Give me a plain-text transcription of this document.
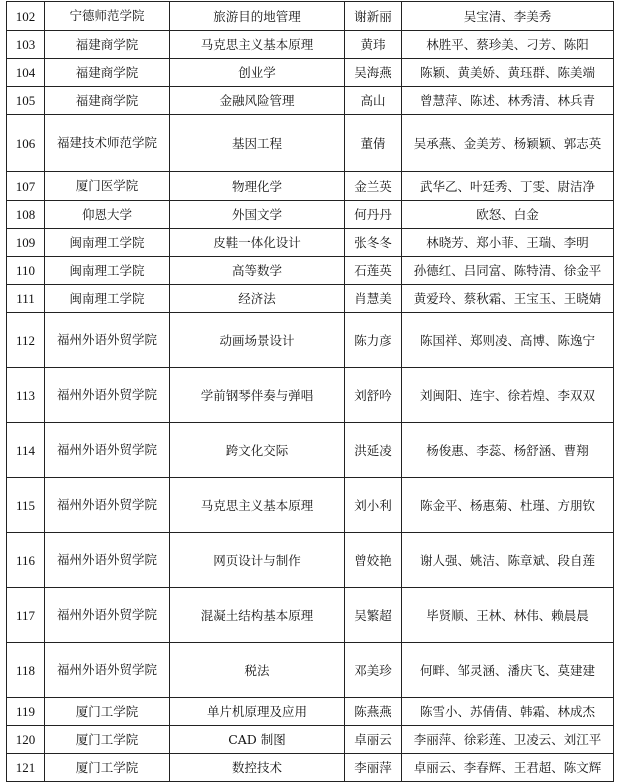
102	宁德师范学院	旅游目的地管理	谢新丽	吴宝清、李美秀
103	福建商学院	马克思主义基本原理	黄玮	林胜平、蔡珍美、刁芳、陈阳
104	福建商学院	创业学	吴海燕	陈颖、黄美娇、黄珏群、陈美端
105	福建商学院	金融风险管理	高山	曾慧萍、陈述、林秀清、林兵青
106	福建技术师范学院	基因工程	董倩	吴承燕、金美芳、杨颖颖、郭志英
107	厦门医学院	物理化学	金兰英	武华乙、叶廷秀、丁雯、尉洁净
108	仰恩大学	外国文学	何丹丹	欧怒、白金
109	闽南理工学院	皮鞋一体化设计	张冬冬	林晓芳、郑小菲、王瑞、李明
110	闽南理工学院	高等数学	石莲英	孙德红、吕同富、陈特清、徐金平
111	闽南理工学院	经济法	肖慧美	黄爱玲、蔡秋霜、王宝玉、王晓婧
112	福州外语外贸学院	动画场景设计	陈力彦	陈国祥、郑则凌、高博、陈逸宁
113	福州外语外贸学院	学前钢琴伴奏与弹唱	刘舒吟	刘闽阳、连宇、徐若煌、李双双
114	福州外语外贸学院	跨文化交际	洪延凌	杨俊惠、李蕊、杨舒涵、曹翔
115	福州外语外贸学院	马克思主义基本原理	刘小利	陈金平、杨惠菊、杜瑾、方朋钦
116	福州外语外贸学院	网页设计与制作	曾姣艳	谢人强、姚洁、陈章斌、段自莲
117	福州外语外贸学院	混凝土结构基本原理	吴繁超	毕贤顺、王林、林伟、赖晨晨
118	福州外语外贸学院	税法	邓美珍	何畔、邹灵涵、潘庆飞、莫建建
119	厦门工学院	单片机原理及应用	陈燕燕	陈雪小、苏倩倩、韩霜、林成杰
120	厦门工学院	CAD 制图	卓丽云	李丽萍、徐彩莲、卫凌云、刘江平
121	厦门工学院	数控技术	李丽萍	卓丽云、李春辉、王君超、陈文辉
